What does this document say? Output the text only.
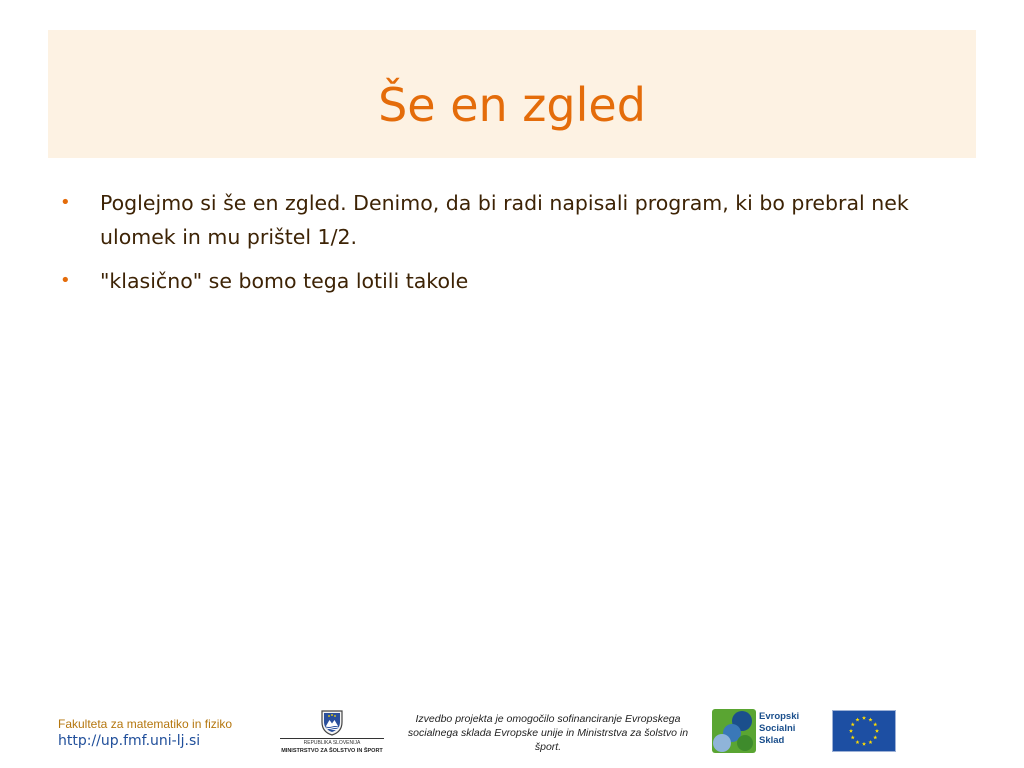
Še en zgled
• Poglejmo si še en zgled. Denimo, da bi radi napisali program, ki bo prebral nek ulomek in mu prištel 1/2.
• "klasično" se bomo tega lotili takole
Fakulteta za matematiko in fiziko
http://up.fmf.uni-lj.si	REPUBLIKA SLOVENIJA
MINISTRSTVO ZA ŠOLSTVO IN ŠPORT
Izvedbo projekta je omogočilo sofinanciranje Evropskega socialnega sklada Evropske unije in Ministrstva za šolstvo in šport.
Evropski
Socialni
Sklad
